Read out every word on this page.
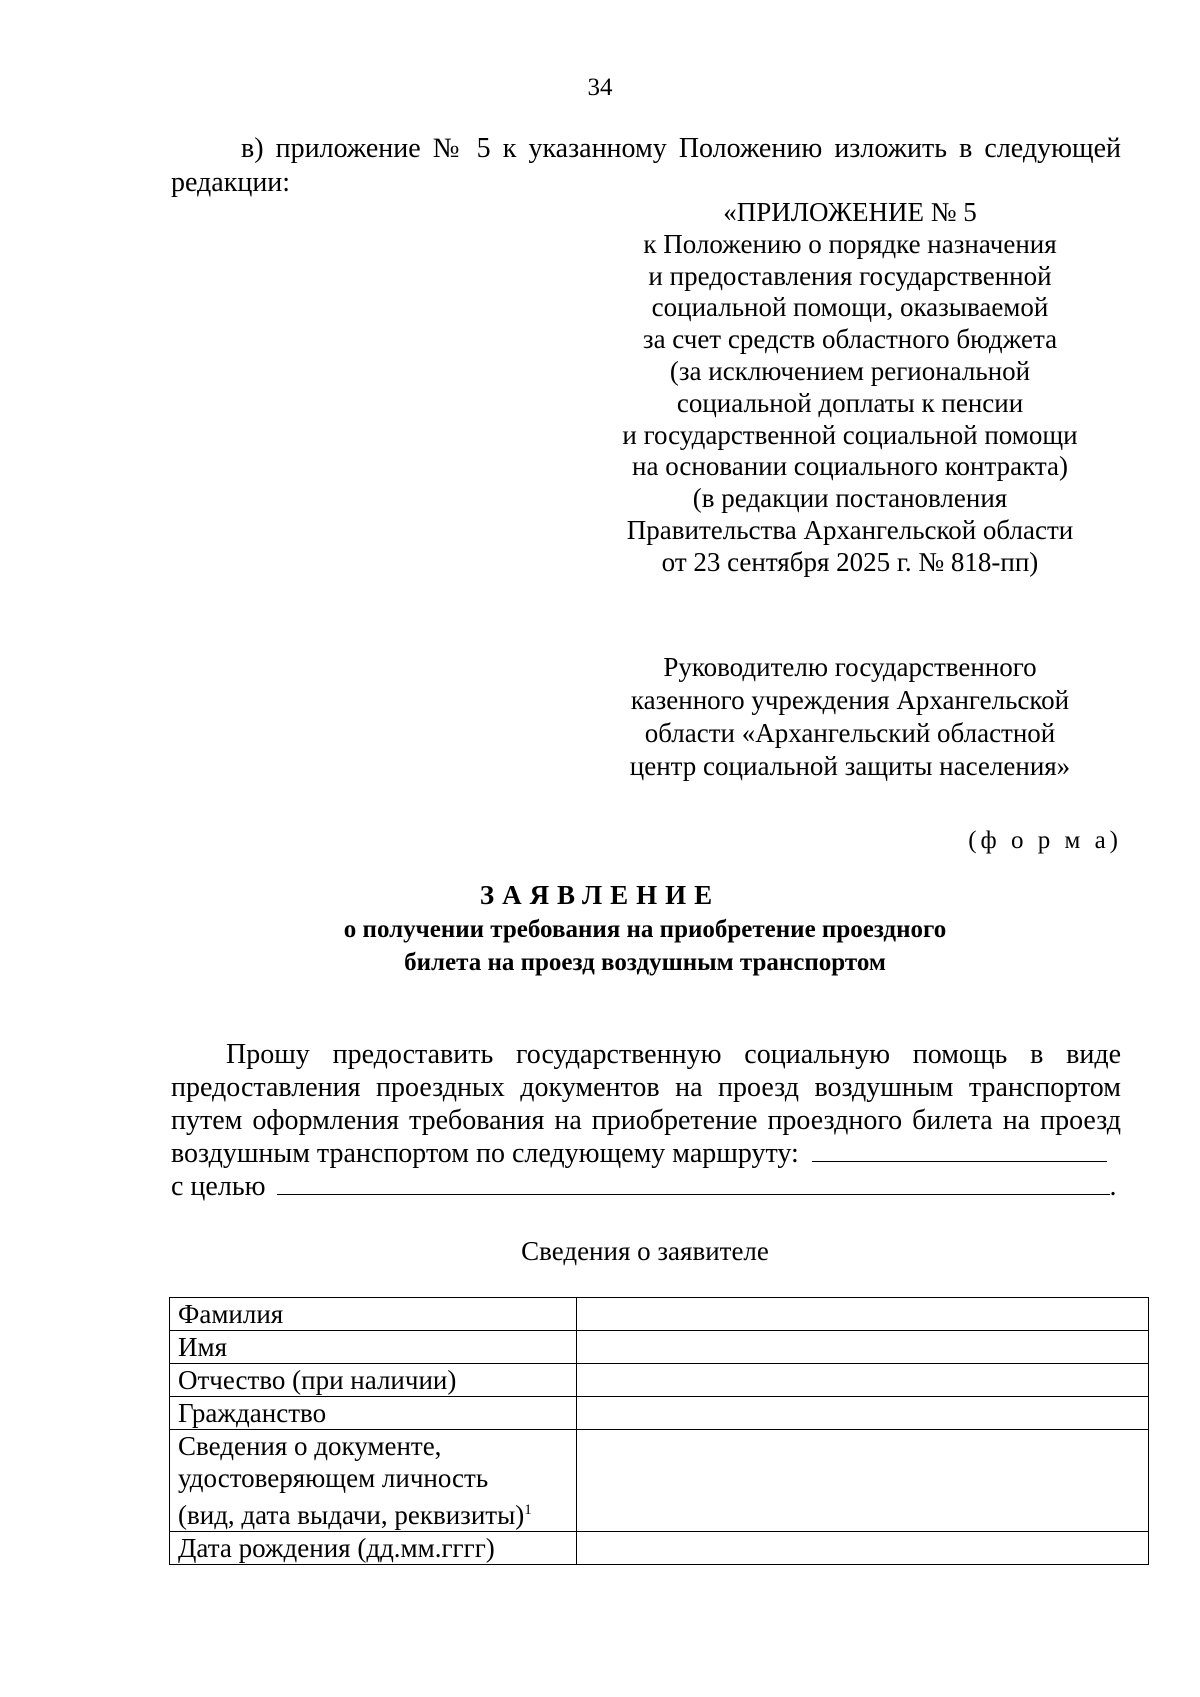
34
в) приложение № 5 к указанному Положению изложить в следующей
редакции:
«ПРИЛОЖЕНИЕ № 5
к Положению о порядке назначения
и предоставления государственной
социальной помощи, оказываемой
за счет средств областного бюджета
(за исключением региональной
социальной доплаты к пенсии
и государственной социальной помощи
на основании социального контракта)
(в редакции постановления
Правительства Архангельской области
от 23 сентября 2025 г. № 818-пп)
Руководителю государственного
казенного учреждения Архангельской
области «Архангельский областной
центр социальной защиты населения»
(ф о р м а)
ЗАЯВЛЕНИЕ
о получении требования на приобретение проездного
билета на проезд воздушным транспортом
Прошу предоставить государственную социальную помощь в виде
предоставления проездных документов на проезд воздушным транспортом
путем оформления требования на приобретение проездного билета на проезд
воздушным транспортом по следующему маршруту:
с целью	.
Сведения о заявителе
Фамилия	
Имя	
Отчество (при наличии)	
Гражданство	

Сведения о документе,
удостоверяющем личность
(вид, дата выдачи, реквизиты)$^1$

Дата рождения (дд.мм.гггг)	
